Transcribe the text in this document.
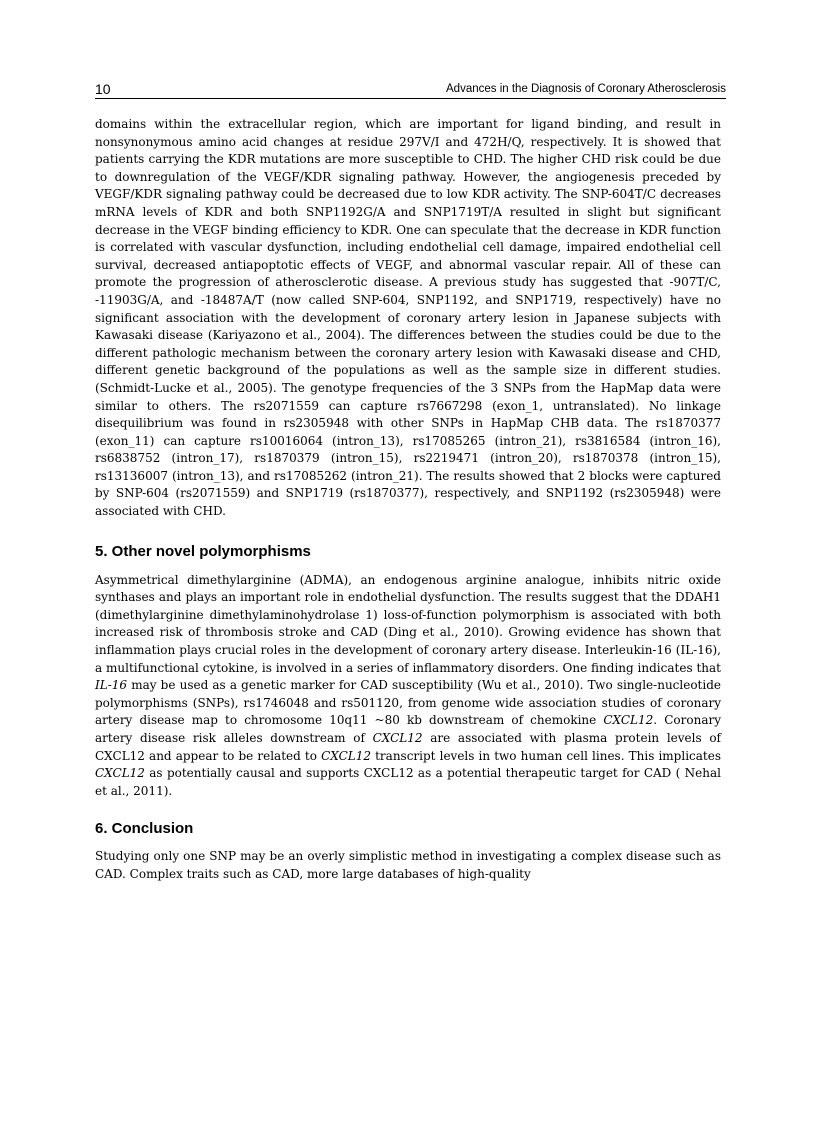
10	Advances in the Diagnosis of Coronary Atherosclerosis

domains within the extracellular region, which are important for ligand binding, and result in nonsynonymous amino acid changes at residue 297V/I and 472H/Q, respectively. It is showed that patients carrying the KDR mutations are more susceptible to CHD. The higher CHD risk could be due to downregulation of the VEGF/KDR signaling pathway. However, the angiogenesis preceded by VEGF/KDR signaling pathway could be decreased due to low KDR activity. The SNP-604T/C decreases mRNA levels of KDR and both SNP1192G/A and SNP1719T/A resulted in slight but significant decrease in the VEGF binding efficiency to KDR. One can speculate that the decrease in KDR function is correlated with vascular dysfunction, including endothelial cell damage, impaired endothelial cell survival, decreased antiapoptotic effects of VEGF, and abnormal vascular repair. All of these can promote the progression of atherosclerotic disease. A previous study has suggested that -907T/C, -11903G/A, and -18487A/T (now called SNP-604, SNP1192, and SNP1719, respectively) have no significant association with the development of coronary artery lesion in Japanese subjects with Kawasaki disease (Kariyazono et al., 2004). The differences between the studies could be due to the different pathologic mechanism between the coronary artery lesion with Kawasaki disease and CHD, different genetic background of the populations as well as the sample size in different studies. (Schmidt-Lucke et al., 2005). The genotype frequencies of the 3 SNPs from the HapMap data were similar to others. The rs2071559 can capture rs7667298 (exon_1, untranslated). No linkage disequilibrium was found in rs2305948 with other SNPs in HapMap CHB data. The rs1870377 (exon_11) can capture rs10016064 (intron_13), rs17085265 (intron_21), rs3816584 (intron_16), rs6838752 (intron_17), rs1870379 (intron_15), rs2219471 (intron_20), rs1870378 (intron_15), rs13136007 (intron_13), and rs17085262 (intron_21). The results showed that 2 blocks were captured by SNP-604 (rs2071559) and SNP1719 (rs1870377), respectively, and SNP1192 (rs2305948) were associated with CHD.

5. Other novel polymorphisms

Asymmetrical dimethylarginine (ADMA), an endogenous arginine analogue, inhibits nitric oxide synthases and plays an important role in endothelial dysfunction. The results suggest that the DDAH1 (dimethylarginine dimethylaminohydrolase 1) loss-of-function polymorphism is associated with both increased risk of thrombosis stroke and CAD (Ding et al., 2010). Growing evidence has shown that inflammation plays crucial roles in the development of coronary artery disease. Interleukin-16 (IL-16), a multifunctional cytokine, is involved in a series of inflammatory disorders. One finding indicates that IL-16 may be used as a genetic marker for CAD susceptibility (Wu et al., 2010). Two single-nucleotide polymorphisms (SNPs), rs1746048 and rs501120, from genome wide association studies of coronary artery disease map to chromosome 10q11 ~80 kb downstream of chemokine CXCL12. Coronary artery disease risk alleles downstream of CXCL12 are associated with plasma protein levels of CXCL12 and appear to be related to CXCL12 transcript levels in two human cell lines. This implicates CXCL12 as potentially causal and supports CXCL12 as a potential therapeutic target for CAD ( Nehal et al., 2011).

6. Conclusion

Studying only one SNP may be an overly simplistic method in investigating a complex disease such as CAD. Complex traits such as CAD, more large databases of high-quality
